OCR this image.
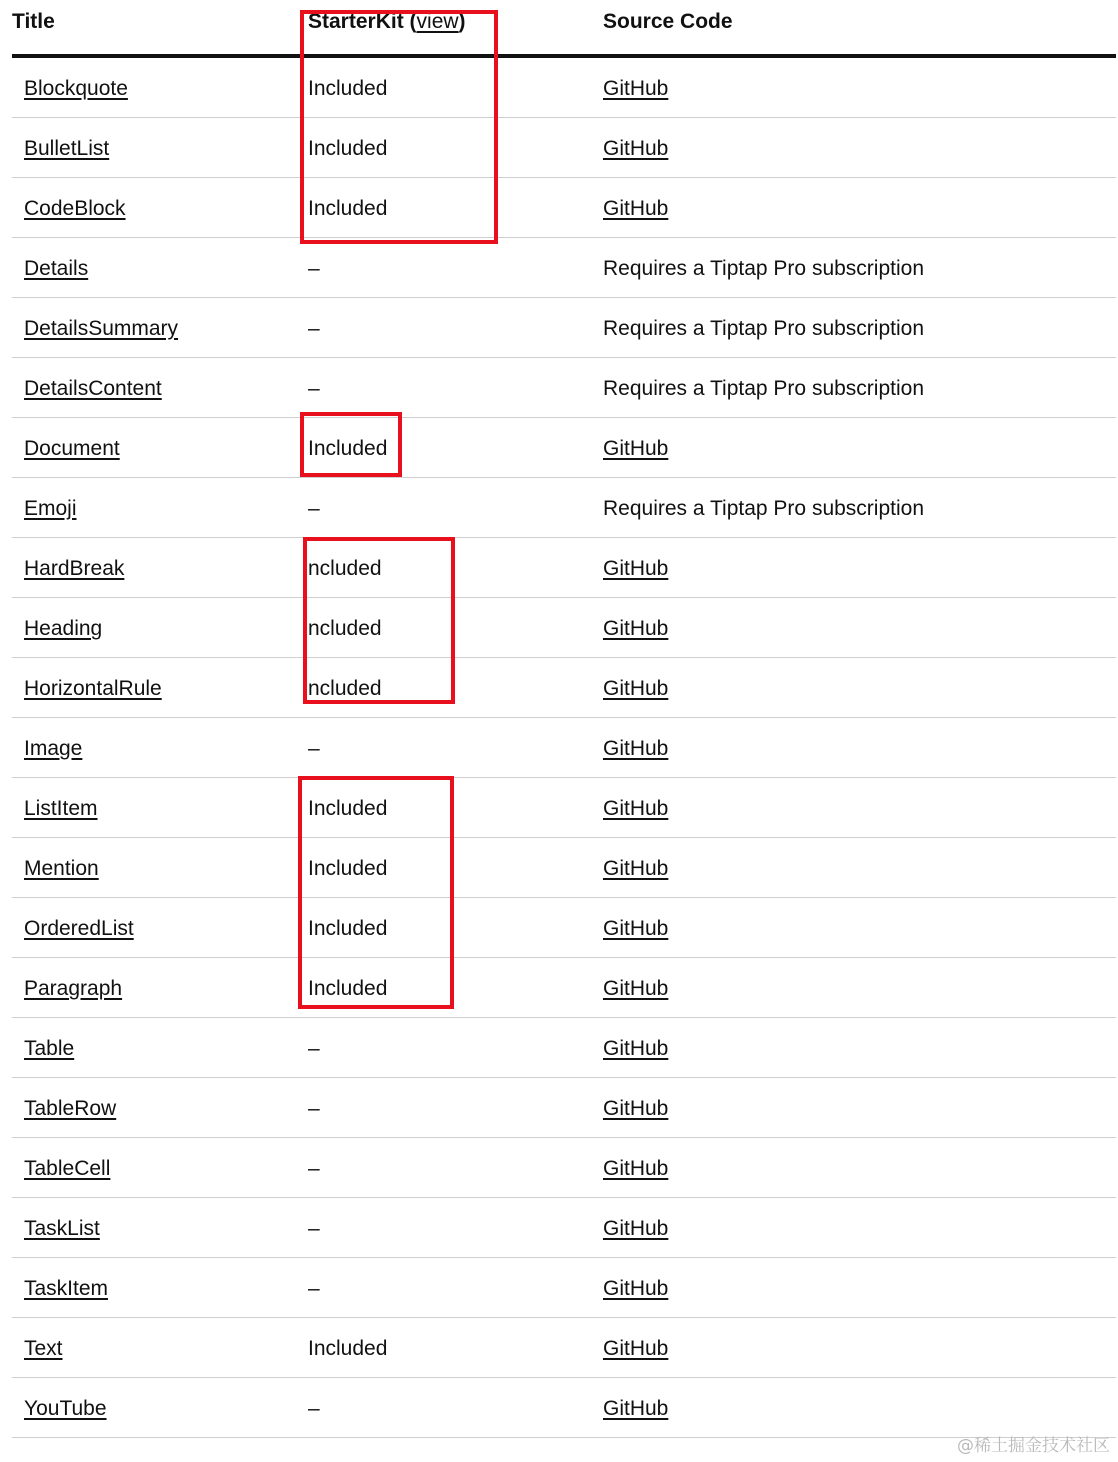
Title	StarterKit (view)	Source Code
Blockquote	Included	GitHub
BulletList	Included	GitHub
CodeBlock	Included	GitHub
Details	–	Requires a Tiptap Pro subscription
DetailsSummary	–	Requires a Tiptap Pro subscription
DetailsContent	–	Requires a Tiptap Pro subscription
Document	Included	GitHub
Emoji	–	Requires a Tiptap Pro subscription
HardBreak	ncluded	GitHub
Heading	ncluded	GitHub
HorizontalRule	ncluded	GitHub
Image	–	GitHub
ListItem	Included	GitHub
Mention	Included	GitHub
OrderedList	Included	GitHub
Paragraph	Included	GitHub
Table	–	GitHub
TableRow	–	GitHub
TableCell	–	GitHub
TaskList	–	GitHub
TaskItem	–	GitHub
Text	Included	GitHub
YouTube	–	GitHub
@稀土掘金技术社区
